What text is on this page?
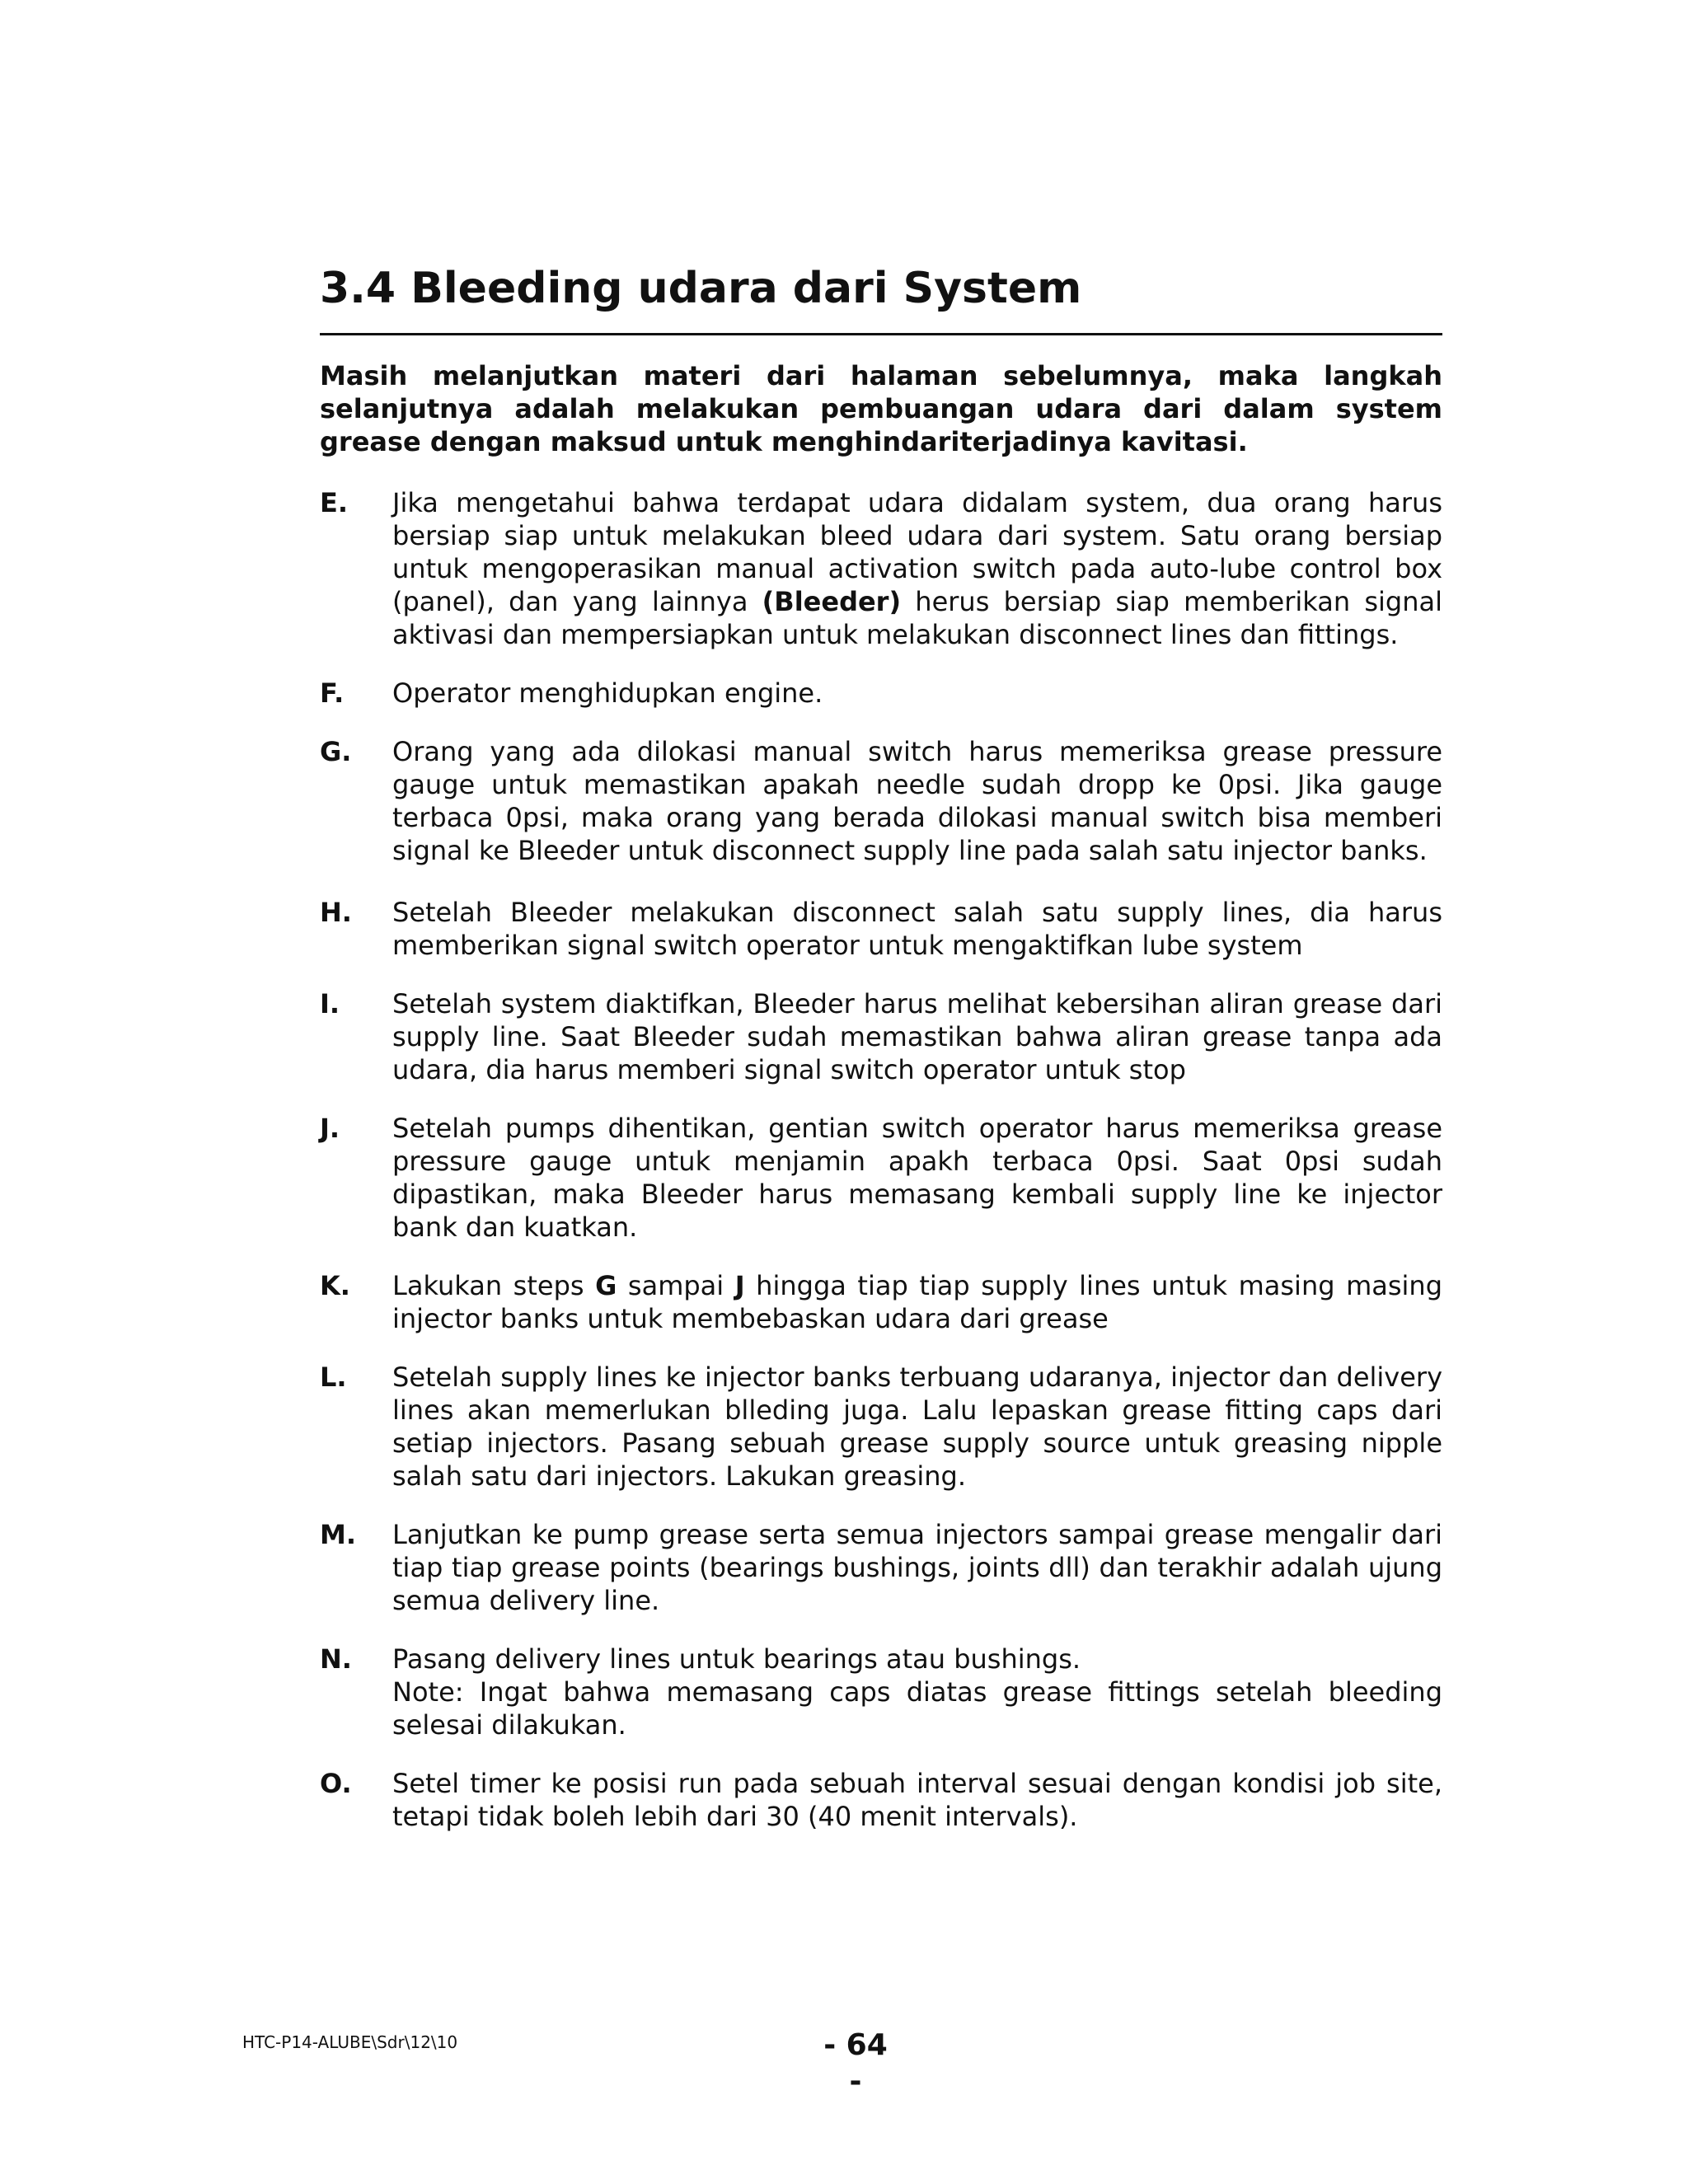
3.4 Bleeding udara dari System

Masih melanjutkan materi dari halaman sebelumnya, maka langkah selanjutnya adalah melakukan pembuangan udara dari dalam system grease dengan maksud untuk menghindariterjadinya kavitasi.

E.	Jika mengetahui bahwa terdapat udara didalam system, dua orang harus bersiap siap untuk melakukan bleed udara dari system. Satu orang bersiap untuk mengoperasikan manual activation switch pada auto-lube control box (panel), dan yang lainnya (Bleeder) herus bersiap siap memberikan signal aktivasi dan mempersiapkan untuk melakukan disconnect lines dan fittings.
F.	Operator menghidupkan engine.
G.	Orang yang ada dilokasi manual switch harus memeriksa grease pressure gauge untuk memastikan apakah needle sudah dropp ke 0psi. Jika gauge terbaca 0psi, maka orang yang berada dilokasi manual switch bisa memberi signal ke Bleeder untuk disconnect supply line pada salah satu injector banks.
H.	Setelah Bleeder melakukan disconnect salah satu supply lines, dia harus memberikan signal switch operator untuk mengaktifkan lube system
I.	Setelah system diaktifkan, Bleeder harus melihat kebersihan aliran grease dari supply line. Saat Bleeder sudah memastikan bahwa aliran grease tanpa ada udara, dia harus memberi signal switch operator untuk stop
J.	Setelah pumps dihentikan, gentian switch operator harus memeriksa grease pressure gauge untuk menjamin apakh terbaca 0psi. Saat 0psi sudah dipastikan, maka Bleeder harus memasang kembali supply line ke injector bank dan kuatkan.
K.	Lakukan steps G sampai J hingga tiap tiap supply lines untuk masing masing injector banks untuk membebaskan udara dari grease
L.	Setelah supply lines ke injector banks terbuang udaranya, injector dan delivery lines akan memerlukan blleding juga. Lalu lepaskan grease fitting caps dari setiap injectors. Pasang sebuah grease supply source untuk greasing nipple salah satu dari injectors. Lakukan greasing.
M.	Lanjutkan ke pump grease serta semua injectors sampai grease mengalir dari tiap tiap grease points (bearings bushings, joints dll) dan terakhir adalah ujung semua delivery line.
N.	Pasang delivery lines untuk bearings atau bushings.
Note: Ingat bahwa memasang caps diatas grease fittings setelah bleeding selesai dilakukan.
O.	Setel timer ke posisi run pada sebuah interval sesuai dengan kondisi job site, tetapi tidak boleh lebih dari 30 (40 menit intervals).
HTC-P14-ALUBE\Sdr\12\10	- 64 -
